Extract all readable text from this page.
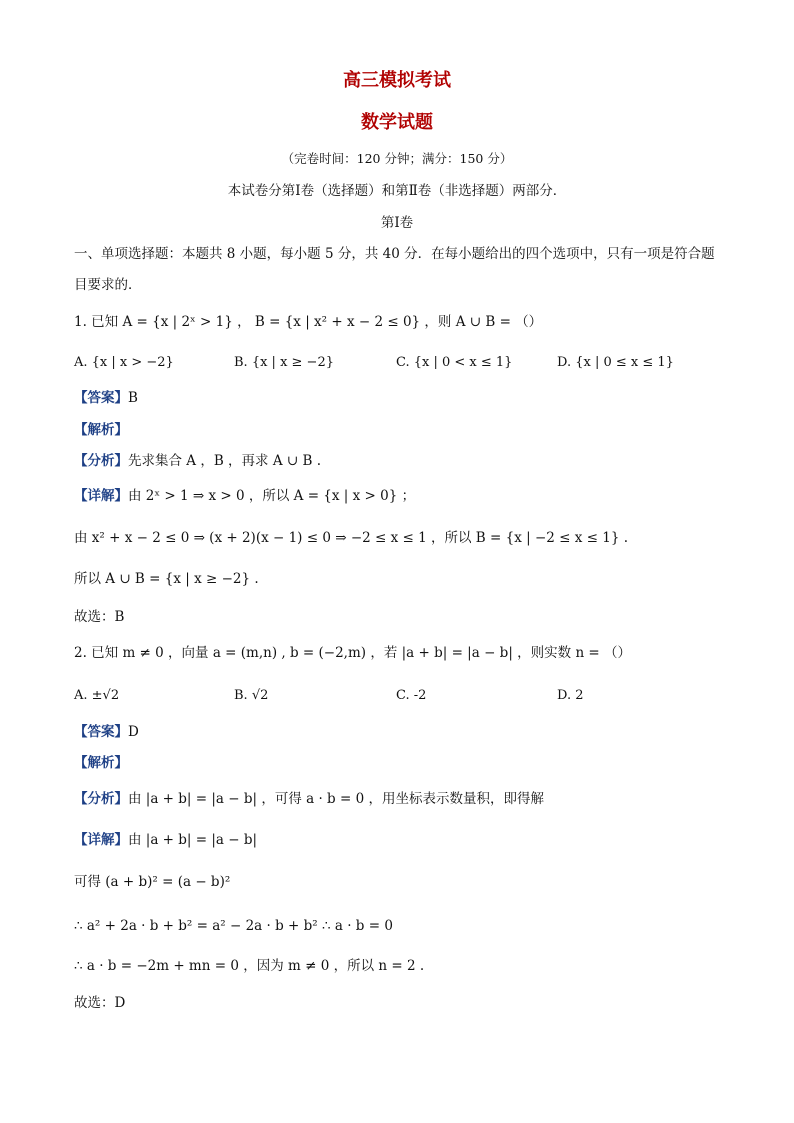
高三模拟考试
数学试题
（完卷时间：120 分钟；满分：150 分）
本试卷分第Ⅰ卷（选择题）和第Ⅱ卷（非选择题）两部分．
第Ⅰ卷
一、单项选择题：本题共 8 小题，每小题 5 分，共 40 分．在每小题给出的四个选项中，只有一项是符合题
目要求的．
1. 已知 A = {x | 2ˣ > 1} ， B = {x | x² + x − 2 ≤ 0} ，则 A ∪ B = （）
A. {x | x > −2}	B. {x | x ≥ −2}	C. {x | 0 < x ≤ 1}	D. {x | 0 ≤ x ≤ 1}
【答案】B
【解析】
【分析】先求集合 A ，B ，再求 A ∪ B .
【详解】由 2ˣ > 1 ⇒ x > 0 ，所以 A = {x | x > 0} ；
由 x² + x − 2 ≤ 0 ⇒ (x + 2)(x − 1) ≤ 0 ⇒ −2 ≤ x ≤ 1 ，所以 B = {x | −2 ≤ x ≤ 1} .
所以 A ∪ B = {x | x ≥ −2} .
故选：B
2. 已知 m ≠ 0 ，向量 a = (m,n) , b = (−2,m) ，若 |a + b| = |a − b| ，则实数 n = （）
A. ±√2	B. √2	C. -2	D. 2
【答案】D
【解析】
【分析】由 |a + b| = |a − b| ，可得 a · b = 0 ，用坐标表示数量积，即得解
【详解】由 |a + b| = |a − b|
可得 (a + b)² = (a − b)²
∴ a² + 2a · b + b² = a² − 2a · b + b² ∴ a · b = 0
∴ a · b = −2m + mn = 0 ，因为 m ≠ 0 ，所以 n = 2 .
故选：D
